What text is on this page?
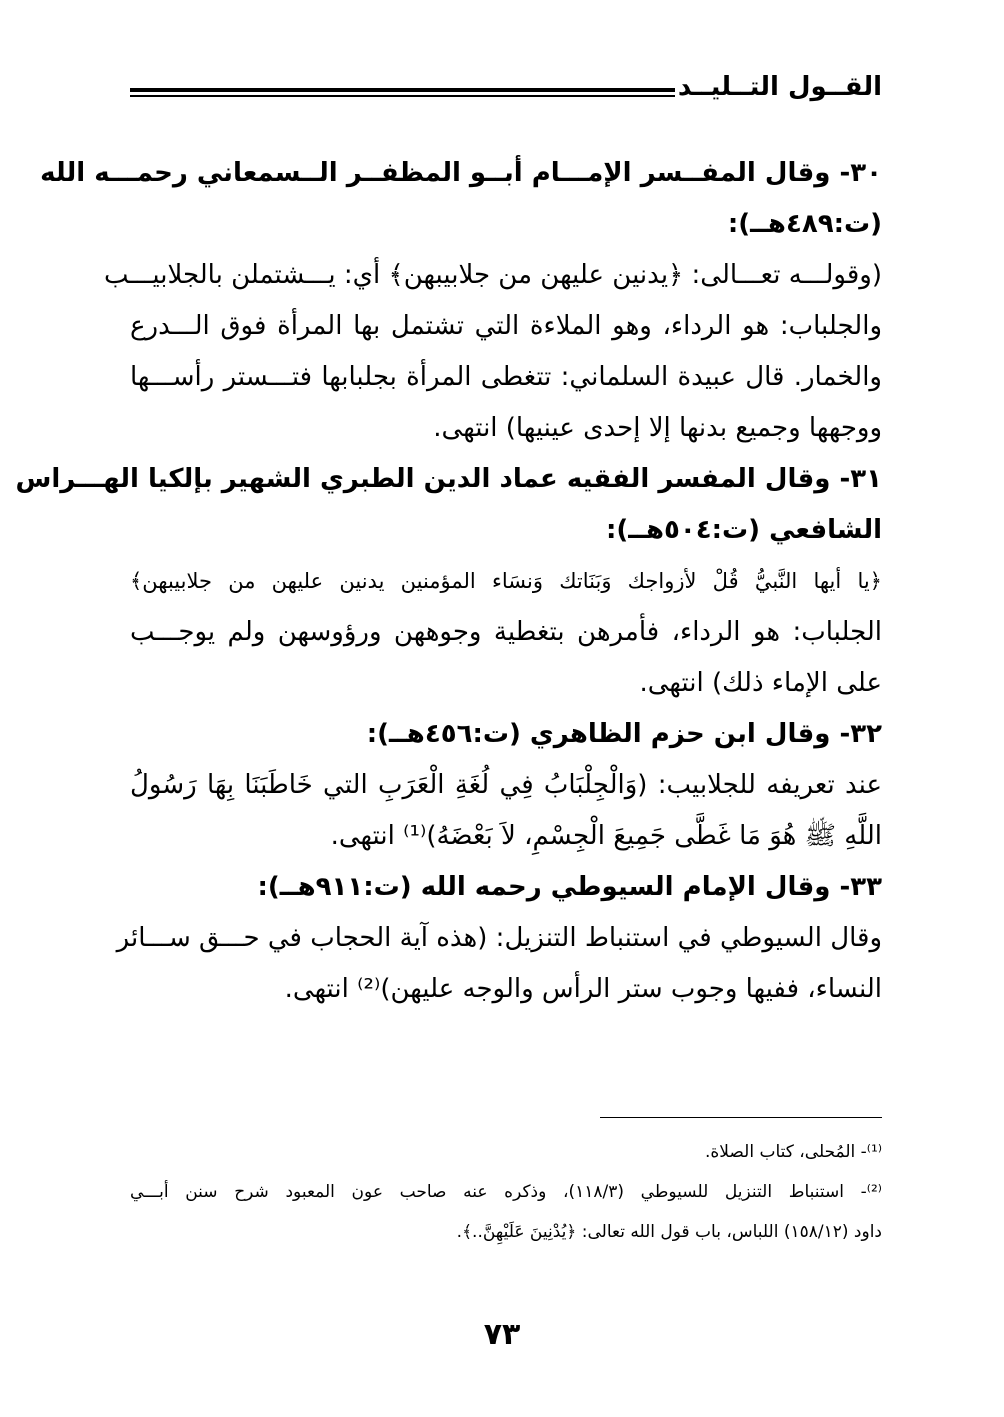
القــول التــليــد
٣٠- وقال المفــسر الإمـــام أبــو المظفــر الــسمعاني رحمـــه الله
(ت:٤٨٩هــ):
(وقولـــه تعـــالى: ﴿يدنين عليهن من جلابيبهن﴾ أي: يـــشتملن بالجلابيـــب
والجلباب: هو الرداء، وهو الملاءة التي تشتمل بها المرأة فوق الـــدرع
والخمار. قال عبيدة السلماني: تتغطى المرأة بجلبابها فتـــستر رأســـها
ووجهها وجميع بدنها إلا إحدى عينيها) انتهى.
٣١- وقال المفسر الفقيه عماد الدين الطبري الشهير بإلكيا الهـــراس
الشافعي (ت:٥٠٤هــ):
﴿يا أيها النَّبيُّ قُلْ لأزواجك وَبَنَاتك وَنسَاء المؤمنين يدنين عليهن من جلابيبهن﴾
الجلباب: هو الرداء، فأمرهن بتغطية وجوههن ورؤوسهن ولم يوجـــب
على الإماء ذلك) انتهى.
٣٢- وقال ابن حزم الظاهري (ت:٤٥٦هــ):
عند تعريفه للجلابيب: (وَالْجِلْبَابُ فِي لُغَةِ الْعَرَبِ التي خَاطَبَنَا بِهَا رَسُولُ
اللَّهِ ﷺ هُوَ مَا غَطَّى جَمِيعَ الْجِسْمِ، لاَ بَعْضَهُ)⁽¹⁾ انتهى.
٣٣- وقال الإمام السيوطي رحمه الله (ت:٩١١هــ):
وقال السيوطي في استنباط التنزيل: (هذه آية الحجاب في حـــق ســـائر
النساء، ففيها وجوب ستر الرأس والوجه عليهن)⁽²⁾ انتهى.
⁽¹⁾- المُحلى، كتاب الصلاة.
⁽²⁾- استنباط التنزيل للسيوطي (١١٨/٣)، وذكره عنه صاحب عون المعبود شرح سنن أبـــي
داود (١٥٨/١٢) اللباس، باب قول الله تعالى: ﴿يُدْنِينَ عَلَيْهِنَّ..﴾.
٧٣
